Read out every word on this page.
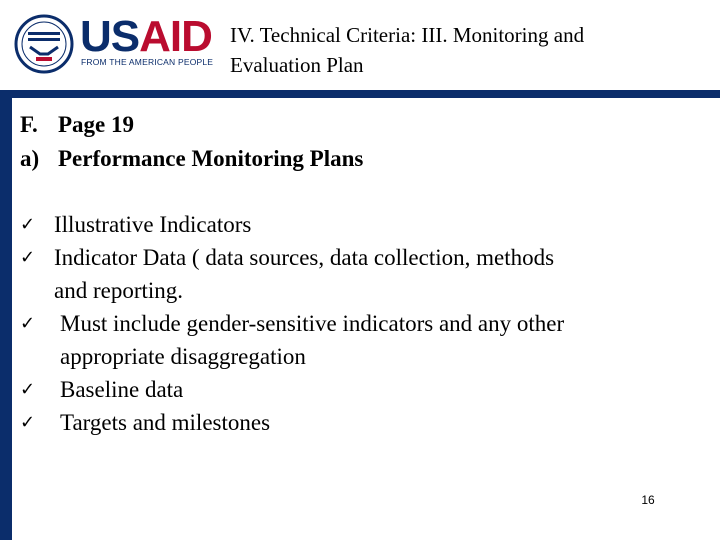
USAID
FROM THE AMERICAN PEOPLE
IV. Technical Criteria: III. Monitoring and
Evaluation Plan
F. Page 19
a) Performance Monitoring Plans
✓ Illustrative Indicators
✓ Indicator Data ( data sources, data collection, methods
and reporting.
✓	Must include gender-sensitive indicators and any other
appropriate disaggregation
✓	Baseline data
✓	Targets and milestones
16
